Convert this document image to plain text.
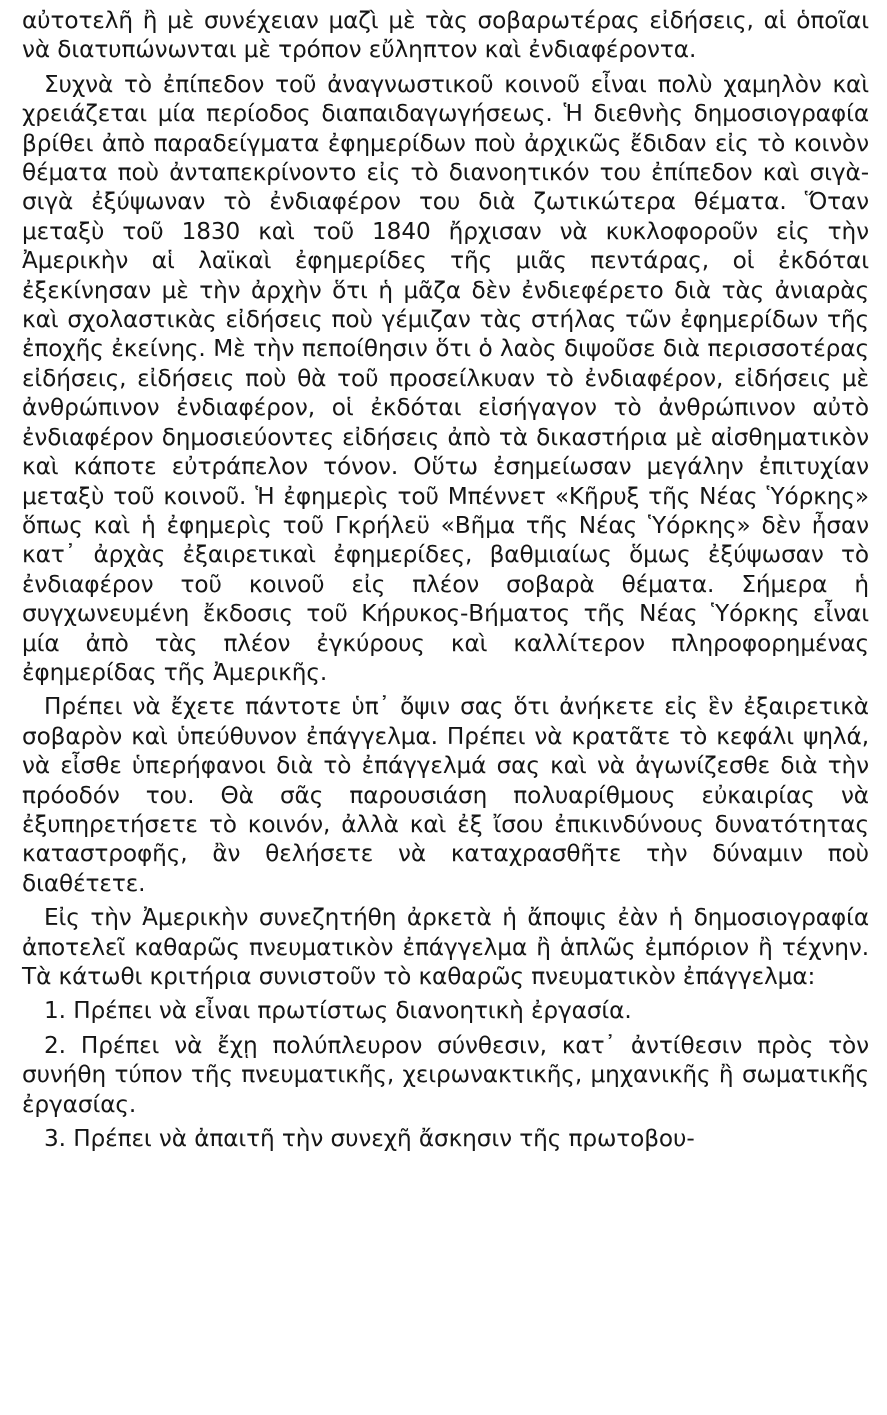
αὐτοτελῆ ἢ μὲ συνέχειαν μαζὶ μὲ τὰς σοβαρωτέρας εἰδήσεις, αἱ ὁποῖαι νὰ διατυπώνωνται μὲ τρόπον εὔληπτον καὶ ἐνδιαφέροντα.

Συχνὰ τὸ ἐπίπεδον τοῦ ἀναγνωστικοῦ κοινοῦ εἶναι πολὺ χαμηλὸν καὶ χρειάζεται μία περίοδος διαπαιδαγωγήσεως. Ἡ διεθνὴς δημοσιογραφία βρίθει ἀπὸ παραδείγματα ἐφημερίδων ποὺ ἀρχικῶς ἔδιδαν εἰς τὸ κοινὸν θέματα ποὺ ἀνταπεκρίνοντο εἰς τὸ διανοητικόν του ἐπίπεδον καὶ σιγὰ-σιγὰ ἐξύψωναν τὸ ἐνδιαφέρον του διὰ ζωτικώτερα θέματα. Ὅταν μεταξὺ τοῦ 1830 καὶ τοῦ 1840 ἤρχισαν νὰ κυκλοφοροῦν εἰς τὴν Ἀμερικὴν αἱ λαϊκαὶ ἐφημερίδες τῆς μιᾶς πεντάρας, οἱ ἐκδόται ἐξεκίνησαν μὲ τὴν ἀρχὴν ὅτι ἡ μᾶζα δὲν ἐνδιεφέρετο διὰ τὰς ἀνιαρὰς καὶ σχολαστικὰς εἰδήσεις ποὺ γέμιζαν τὰς στήλας τῶν ἐφημερίδων τῆς ἐποχῆς ἐκείνης. Μὲ τὴν πεποίθησιν ὅτι ὁ λαὸς διψοῦσε διὰ περισσοτέρας εἰδήσεις, εἰδήσεις ποὺ θὰ τοῦ προσείλκυαν τὸ ἐνδιαφέρον, εἰδήσεις μὲ ἀνθρώπινον ἐνδιαφέρον, οἱ ἐκδόται εἰσήγαγον τὸ ἀνθρώπινον αὐτὸ ἐνδιαφέρον δημοσιεύοντες εἰδήσεις ἀπὸ τὰ δικαστήρια μὲ αἰσθηματικὸν καὶ κάποτε εὐτράπελον τόνον. Οὕτω ἐσημείωσαν μεγάλην ἐπιτυχίαν μεταξὺ τοῦ κοινοῦ. Ἡ ἐφημερὶς τοῦ Μπέννετ «Κῆρυξ τῆς Νέας Ὑόρκης» ὅπως καὶ ἡ ἐφημερὶς τοῦ Γκρήλεϋ «Βῆμα τῆς Νέας Ὑόρκης» δὲν ἦσαν κατ᾽ ἀρχὰς ἐξαιρετικαὶ ἐφημερίδες, βαθμιαίως ὅμως ἐξύψωσαν τὸ ἐνδιαφέρον τοῦ κοινοῦ εἰς πλέον σοβαρὰ θέματα. Σήμερα ἡ συγχωνευμένη ἔκδοσις τοῦ Κήρυκος-Βήματος τῆς Νέας Ὑόρκης εἶναι μία ἀπὸ τὰς πλέον ἐγκύρους καὶ καλλίτερον πληροφορημένας ἐφημερίδας τῆς Ἀμερικῆς.

Πρέπει νὰ ἔχετε πάντοτε ὑπ᾽ ὄψιν σας ὅτι ἀνήκετε εἰς ἓν ἐξαιρετικὰ σοβαρὸν καὶ ὑπεύθυνον ἐπάγγελμα. Πρέπει νὰ κρατᾶτε τὸ κεφάλι ψηλά, νὰ εἶσθε ὑπερήφανοι διὰ τὸ ἐπάγγελμά σας καὶ νὰ ἀγωνίζεσθε διὰ τὴν πρόοδόν του. Θὰ σᾶς παρουσιάση πολυαρίθμους εὐκαιρίας νὰ ἐξυπηρετήσετε τὸ κοινόν, ἀλλὰ καὶ ἐξ ἴσου ἐπικινδύνους δυνατότητας καταστροφῆς, ἂν θελήσετε νὰ καταχρασθῆτε τὴν δύναμιν ποὺ διαθέτετε.

Εἰς τὴν Ἀμερικὴν συνεζητήθη ἀρκετὰ ἡ ἄποψις ἐὰν ἡ δημοσιογραφία ἀποτελεῖ καθαρῶς πνευματικὸν ἐπάγγελμα ἢ ἁπλῶς ἐμπόριον ἢ τέχνην. Τὰ κάτωθι κριτήρια συνιστοῦν τὸ καθαρῶς πνευματικὸν ἐπάγγελμα:

1. Πρέπει νὰ εἶναι πρωτίστως διανοητικὴ ἐργασία.

2. Πρέπει νὰ ἔχῃ πολύπλευρον σύνθεσιν, κατ᾽ ἀντίθεσιν πρὸς τὸν συνήθη τύπον τῆς πνευματικῆς, χειρωνακτικῆς, μηχανικῆς ἢ σωματικῆς ἐργασίας.

3. Πρέπει νὰ ἀπαιτῆ τὴν συνεχῆ ἄσκησιν τῆς πρωτοβου-
